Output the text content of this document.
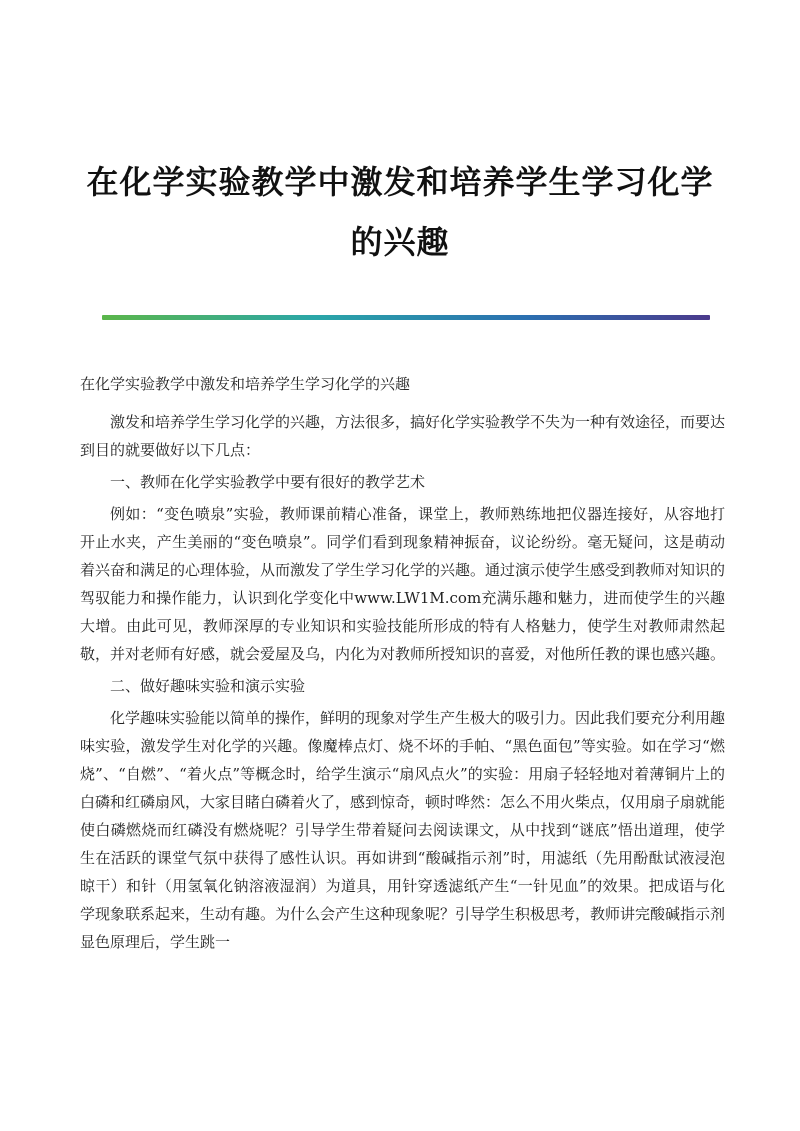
在化学实验教学中激发和培养学生学习化学的兴趣

在化学实验教学中激发和培养学生学习化学的兴趣

激发和培养学生学习化学的兴趣，方法很多，搞好化学实验教学不失为一种有效途径，而要达到目的就要做好以下几点：

一、教师在化学实验教学中要有很好的教学艺术

例如：“变色喷泉”实验，教师课前精心准备，课堂上，教师熟练地把仪器连接好，从容地打开止水夹，产生美丽的“变色喷泉”。同学们看到现象精神振奋，议论纷纷。毫无疑问，这是萌动着兴奋和满足的心理体验，从而激发了学生学习化学的兴趣。通过演示使学生感受到教师对知识的驾驭能力和操作能力，认识到化学变化中www.LW1M.com充满乐趣和魅力，进而使学生的兴趣大增。由此可见，教师深厚的专业知识和实验技能所形成的特有人格魅力，使学生对教师肃然起敬，并对老师有好感，就会爱屋及乌，内化为对教师所授知识的喜爱，对他所任教的课也感兴趣。

二、做好趣味实验和演示实验

化学趣味实验能以简单的操作，鲜明的现象对学生产生极大的吸引力。因此我们要充分利用趣味实验，激发学生对化学的兴趣。像魔棒点灯、烧不坏的手帕、“黑色面包”等实验。如在学习“燃烧”、“自燃”、“着火点”等概念时，给学生演示“扇风点火”的实验：用扇子轻轻地对着薄铜片上的白磷和红磷扇风，大家目睹白磷着火了，感到惊奇，顿时哗然：怎么不用火柴点，仅用扇子扇就能使白磷燃烧而红磷没有燃烧呢？引导学生带着疑问去阅读课文，从中找到“谜底”悟出道理，使学生在活跃的课堂气氛中获得了感性认识。再如讲到“酸碱指示剂”时，用滤纸（先用酚酞试液浸泡晾干）和针（用氢氧化钠溶液湿润）为道具，用针穿透滤纸产生“一针见血”的效果。把成语与化学现象联系起来，生动有趣。为什么会产生这种现象呢？引导学生积极思考，教师讲完酸碱指示剂显色原理后，学生跳一
